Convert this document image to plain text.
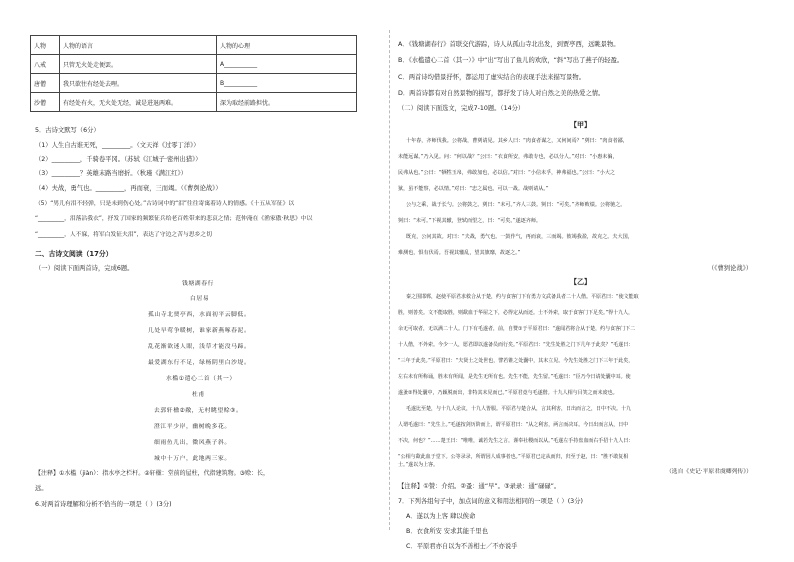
人物	人物的语言	人物的心理
八戒	只管无火处走便罢。	A___________
唐僧	我只欲往有经处去哩。	B___________
沙僧	有经处有火，无火处无经，诚是进退两难。	深为取经前路担忧。
5．古诗文默写（6分）
（1）人生自古谁无死，_________。（文天祥《过零丁洋》）
（2）_________，千骑卷平冈。（苏轼《江城子·密州出猎》）
（3）_________？英雄末路当磨折。（秋瑾《满江红》）
（4）夫战，勇气也。_________，再而衰，三而竭。（《曹刿论战》）
（5）“男儿有泪不轻弹，只是未到伤心处。”古诗词中的“泪”往往寄寓着诗人的情感。《十五从军征》以
“_________，泪落沾我衣”，抒发了国家的频繁征兵给老百姓带来的悲哀之情；范仲淹在《渔家傲·秋思》中以
“_________，人不寐，将军白发征夫泪”，表达了守边之苦与思乡之切
二、古诗文阅读（17分）
（一）阅读下面两首诗，完成6题。
钱塘湖春行
白居易
孤山寺北贾亭西，水面初平云脚低。
几处早莺争暖树，谁家新燕啄春泥。
乱花渐欲迷人眼，浅草才能没马蹄。
最爱湖东行不足，绿杨阴里白沙堤。
水槛①遣心二首（其一）
杜甫
去郭轩楹②敞，无村眺望赊③。
澄江平少岸，幽树晚多花。
细雨鱼儿出，微风燕子斜。
城中十万户，此地两三家。
【注释】①水槛（jiàn）：指水亭之栏杆。②轩楹：堂前的屋柱，代指建筑物。③赊：长，
远。
6.对两首诗理解和分析不恰当的一项是（ ）(3分)
A．《钱塘湖春行》首联交代游踪，诗人从孤山寺北出发，到贾亭西，远眺景物。
B．《水槛遣心二首（其一）》中“出”写出了鱼儿的欢欣，“斜”写出了燕子的轻盈。
C．两首诗均借景抒怀，都运用了虚实结合的表现手法来描写景物。
D．两首诗都有对自然景物的描写，都抒发了诗人对自然之美的热爱之情。
（二）阅读下面选文，完成7-10题。（14分）
【甲】
十年春，齐师伐我。公将战，曹刿请见。其乡人曰：“肉食者谋之，又何间焉？”刿曰：“肉食者鄙，
未能远谋。”乃入见。问：“何以战？”公曰：“衣食所安，弗敢专也，必以分人。”对曰：“小惠未徧，
民弗从也。”公曰：“牺牲玉帛，弗敢加也，必以信。”对曰：“小信未孚，神弗福也。”公曰：“小大之
狱，虽不能察，必以情。”对曰：“忠之属也。可以一战。战则请从。”
公与之乘，战于长勺。公将鼓之。刿曰：“未可。”齐人三鼓。刿曰：“可矣。”齐师败绩。公将驰之。
刿曰：“未可。”下视其辙，登轼而望之，曰：“可矣。”遂逐齐师。
既克，公问其故。对曰：“夫战，勇气也。一鼓作气，再而衰，三而竭。彼竭我盈，故克之。夫大国，
难测也，惧有伏焉。吾视其辙乱，望其旗靡，故逐之。”
（《曹刿论战》）
【乙】
秦之围邯郸，赵使平原君求救合从于楚，约与食客门下有勇力文武备具者二十人偕。平原君曰：“使文能取
胜，则善矣。文不能取胜，则歃血于华屋之下，必得定从而还。士不外索，取于食客门下足矣。”得十九人，
余无可取者，无以满二十人。门下有毛遂者，前，自赞①于平原君曰：“遂闻君将合从于楚，约与食客门下二
十人偕，不外索。今少一人，愿君即以遂备员而行矣。”平原君曰：“先生处胜之门下几年于此矣？”毛遂曰：
“三年于此矣。”平原君曰：“夫贤士之处世也，譬若锥之处囊中，其末立见。今先生处胜之门下三年于此矣，
左右未有所称诵，胜未有所闻，是先生无所有也。先生不能，先生留。”毛遂曰：“臣乃今日请处囊中耳。使
遂蚤②得处囊中，乃颖脱而出，非特其末见而已。”平原君竟与毛遂偕。十九人相与目笑之而未废也。
毛遂比至楚，与十九人论议，十九人皆服。平原君与楚合从，言其利害，日出而言之，日中不决。十九
人谓毛遂曰：“先生上。”毛遂按剑历阶而上，谓平原君曰：“从之利害，两言而决耳。今日出而言从，日中
不决，何也？”……楚王曰：“唯唯，诚若先生之言，谨奉社稷而以从。”毛遂左手持盘血而右手招十九人曰：
“公相与歃此血于堂下。公等录录，所谓因人成事者也。”平原君已定从而归，归至于赵，曰：“胜不敢复相
士。”遂以为上客。
（选自《史记·平原君虞卿列传》）
【注释】①赞：介绍。②蚤：通“早”。③录录：通“碌碌”。
7．下列各组句子中，加点词的意义和用法相同的一项是（ ）(3分)
A．遂以为上客 肆以俟命
B．衣食所安 安求其能千里也
C．平原君亦自以为不善相士／不亦说乎
